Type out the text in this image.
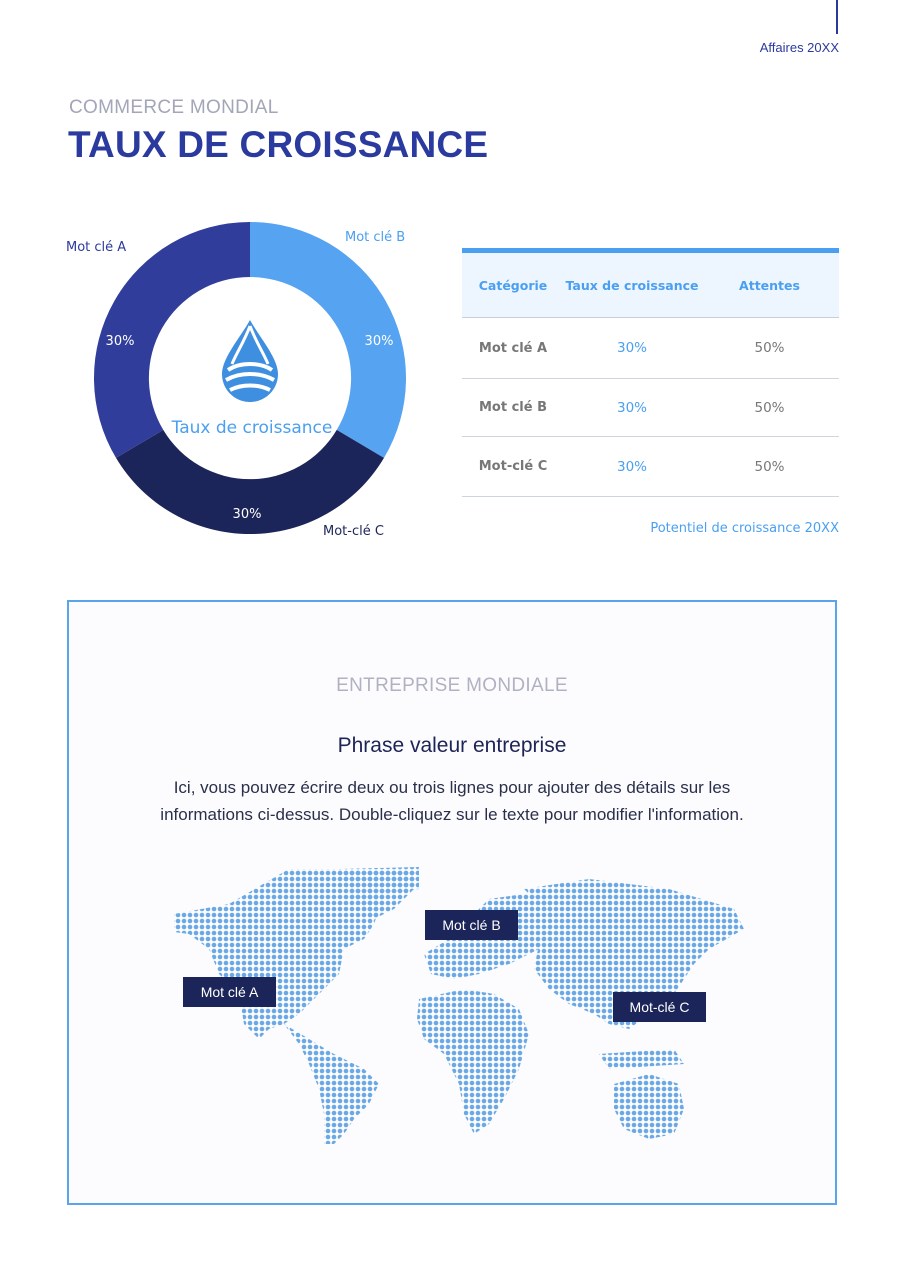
Affaires 20XX
COMMERCE MONDIAL
TAUX DE CROISSANCE
Taux de croissance
30%
30%
30%
Mot clé A
Mot clé B
Mot-clé C
Catégorie	Taux de croissance	Attentes
Mot clé A	30%	50%
Mot clé B	30%	50%
Mot-clé C	30%	50%
Potentiel de croissance 20XX
ENTREPRISE MONDIALE
Phrase valeur entreprise
Ici, vous pouvez écrire deux ou trois lignes pour ajouter des détails sur les
informations ci-dessus. Double-cliquez sur le texte pour modifier l'information.
Mot clé A
Mot clé B
Mot-clé C
